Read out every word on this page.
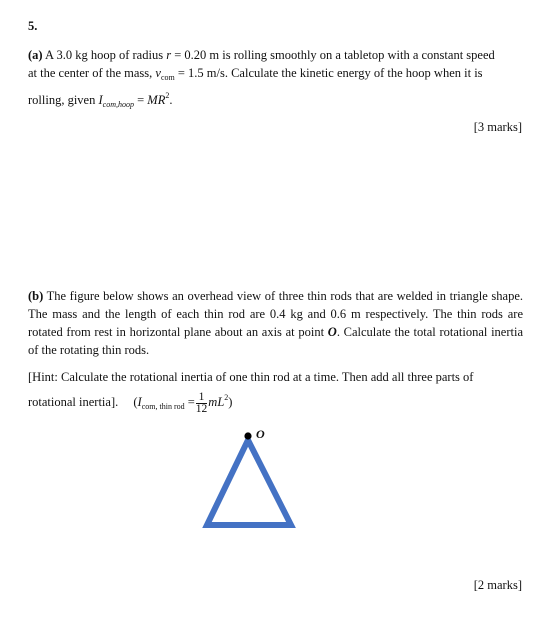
5.
(a) A 3.0 kg hoop of radius r = 0.20 m is rolling smoothly on a tabletop with a constant speed
at the center of the mass, $v_{com} = 1.5$ m/s. Calculate the kinetic energy of the hoop when it is
rolling, given $I_{com,hoop} = MR^2$.
[3 marks]
(b) The figure below shows an overhead view of three thin rods that are welded in triangle shape. The mass and the length of each thin rod are 0.4 kg and 0.6 m respectively. The thin rods are rotated from rest in horizontal plane about an axis at point O. Calculate the total rotational inertia of the rotating thin rods.
[Hint: Calculate the rotational inertia of one thin rod at a time. Then add all three parts of
rotational inertia]. $(I_{com, thin rod} = \frac{1}{12} mL^2)$
O
[2 marks]
